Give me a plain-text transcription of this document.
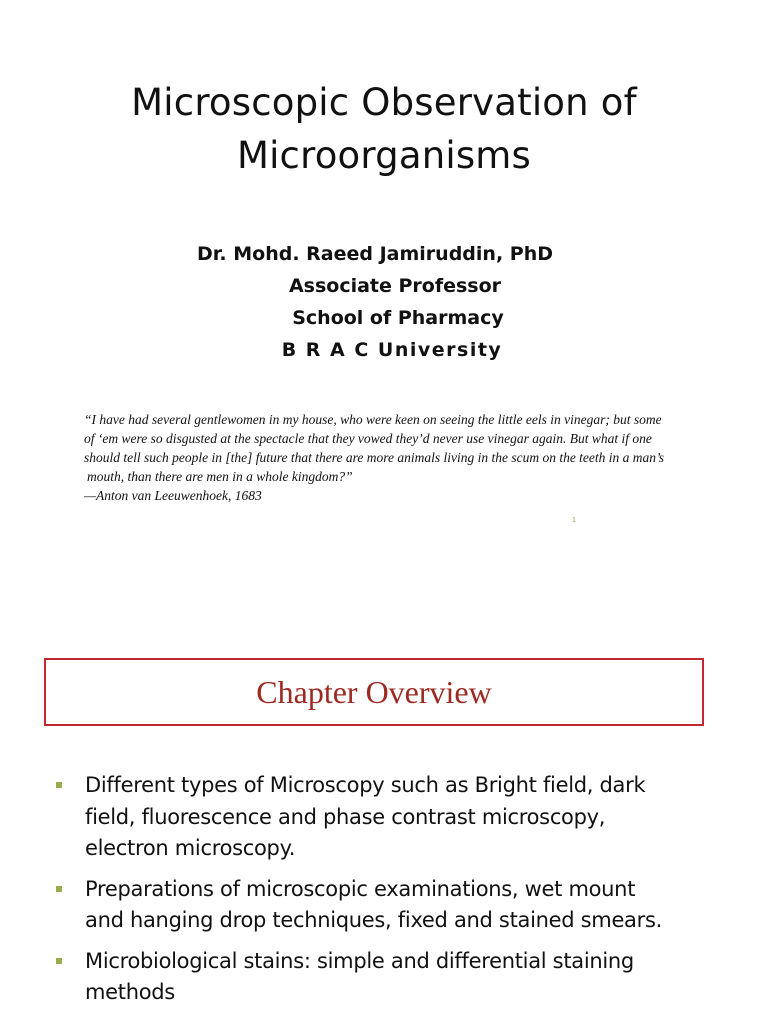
Microscopic Observation of
Microorganisms
Dr. Mohd. Raeed Jamiruddin, PhD
Associate Professor
School of Pharmacy
B R A C University
“I have had several gentlewomen in my house, who were keen on seeing the little eels in vinegar; but some
of ‘em were so disgusted at the spectacle that they vowed they’d never use vinegar again. But what if one
should tell such people in [the] future that there are more animals living in the scum on the teeth in a man’s
mouth, than there are men in a whole kingdom?”
—Anton van Leeuwenhoek, 1683
1
Chapter Overview
Different types of Microscopy such as Bright field, dark
field, fluorescence and phase contrast microscopy,
electron microscopy.
Preparations of microscopic examinations, wet mount
and hanging drop techniques, fixed and stained smears.
Microbiological stains: simple and differential staining
methods
